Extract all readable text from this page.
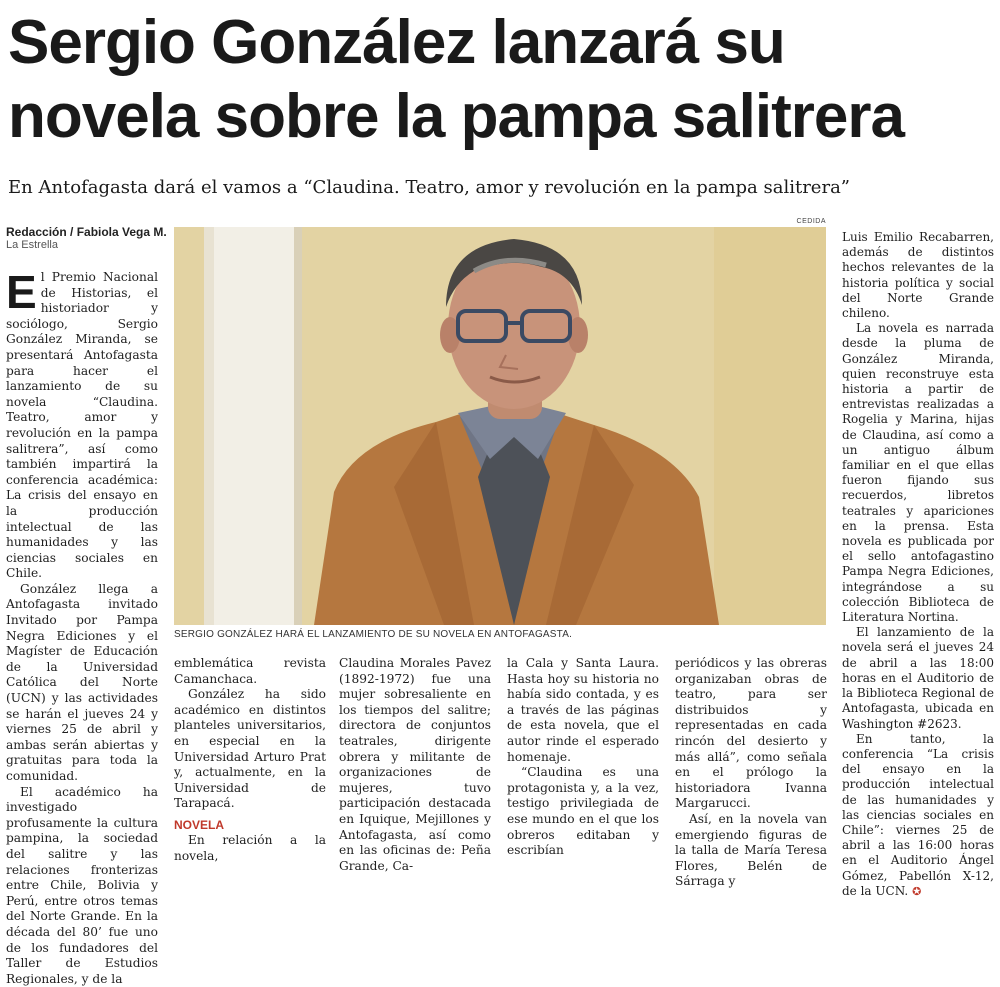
Sergio González lanzará su
novela sobre la pampa salitrera
En Antofagasta dará el vamos a “Claudina. Teatro, amor y revolución en la pampa salitrera”
Redacción / Fabiola Vega M.
La Estrella
CEDIDA
SERGIO GONZÁLEZ HARÁ EL LANZAMIENTO DE SU NOVELA EN ANTOFAGASTA.

El Premio Nacional de Historias, el historiador y sociólogo, Sergio González Miranda, se presentará Antofagasta para hacer el lanzamiento de su novela “Claudina. Teatro, amor y revolución en la pampa salitrera”, así como también impartirá la conferencia académica: La crisis del ensayo en la producción intelectual de las humanidades y las ciencias sociales en Chile.

González llega a Antofagasta invitado Invitado por Pampa Negra Ediciones y el Magíster de Educación de la Universidad Católica del Norte (UCN) y las actividades se harán el jueves 24 y viernes 25 de abril y ambas serán abiertas y gratuitas para toda la comunidad.

El académico ha investigado profusamente la cultura pampina, la sociedad del salitre y las relaciones fronterizas entre Chile, Bolivia y Perú, entre otros temas del Norte Grande. En la década del 80’ fue uno de los fundadores del Taller de Estudios Regionales, y de la

emblemática revista Camanchaca.

González ha sido académico en distintos planteles universitarios, en especial en la Universidad Arturo Prat y, actualmente, en la Universidad de Tarapacá.

NOVELA

En relación a la novela,

Claudina Morales Pavez (1892-1972) fue una mujer sobresaliente en los tiempos del salitre; directora de conjuntos teatrales, dirigente obrera y militante de organizaciones de mujeres, tuvo participación destacada en Iquique, Mejillones y Antofagasta, así como en las oficinas de: Peña Grande, Ca-

la Cala y Santa Laura. Hasta hoy su historia no había sido contada, y es a través de las páginas de esta novela, que el autor rinde el esperado homenaje.

“Claudina es una protagonista y, a la vez, testigo privilegiada de ese mundo en el que los obreros editaban y escribían

periódicos y las obreras organizaban obras de teatro, para ser distribuidos y representadas en cada rincón del desierto y más allá”, como señala en el prólogo la historiadora Ivanna Margarucci.

Así, en la novela van emergiendo figuras de la talla de María Teresa Flores, Belén de Sárraga y

Luis Emilio Recabarren, además de distintos hechos relevantes de la historia política y social del Norte Grande chileno.

La novela es narrada desde la pluma de González Miranda, quien reconstruye esta historia a partir de entrevistas realizadas a Rogelia y Marina, hijas de Claudina, así como a un antiguo álbum familiar en el que ellas fueron fijando sus recuerdos, libretos teatrales y apariciones en la prensa. Esta novela es publicada por el sello antofagastino Pampa Negra Ediciones, integrándose a su colección Biblioteca de Literatura Nortina.

El lanzamiento de la novela será el jueves 24 de abril a las 18:00 horas en el Auditorio de la Biblioteca Regional de Antofagasta, ubicada en Washington #2623.

En tanto, la conferencia “La crisis del ensayo en la producción intelectual de las humanidades y las ciencias sociales en Chile”: viernes 25 de abril a las 16:00 horas en el Auditorio Ángel Gómez, Pabellón X-12, de la UCN. ✪
